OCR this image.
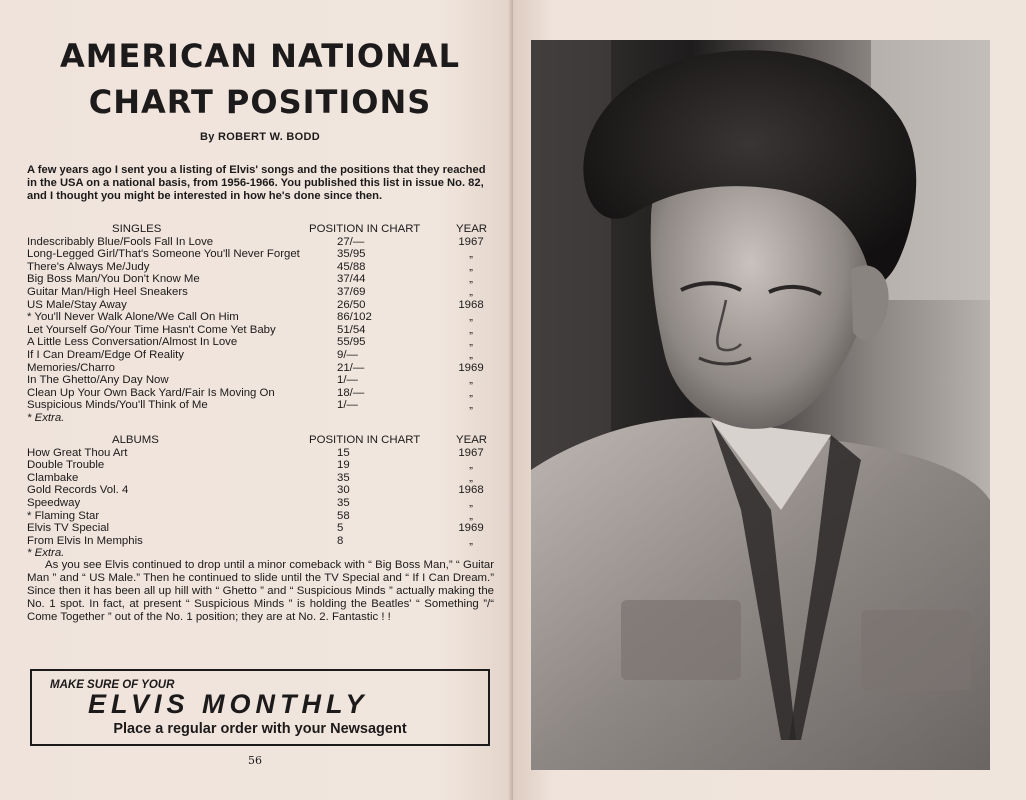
AMERICAN NATIONAL
CHART POSITIONS
By ROBERT W. BODD

A few years ago I sent you a listing of Elvis' songs and the positions that they reached in the USA on a national basis, from 1956-1966. You published this list in issue No. 82, and I thought you might be interested in how he's done since then.

SINGLES	POSITION IN CHART	YEAR
Indescribably Blue/Fools Fall In Love	27/—	1967
Long-Legged Girl/That's Someone You'll Never Forget	35/95	„
There's Always Me/Judy	45/88	„
Big Boss Man/You Don't Know Me	37/44	„
Guitar Man/High Heel Sneakers	37/69	„
US Male/Stay Away	26/50	1968
* You'll Never Walk Alone/We Call On Him	86/102	„
Let Yourself Go/Your Time Hasn't Come Yet Baby	51/54	„
A Little Less Conversation/Almost In Love	55/95	„
If I Can Dream/Edge Of Reality	9/—	„
Memories/Charro	21/—	1969
In The Ghetto/Any Day Now	1/—	„
Clean Up Your Own Back Yard/Fair Is Moving On	18/—	„
Suspicious Minds/You'll Think of Me	1/—	„
* Extra.
ALBUMS	POSITION IN CHART	YEAR
How Great Thou Art	15	1967
Double Trouble	19	„
Clambake	35	„
Gold Records Vol. 4	30	1968
Speedway	35	„
* Flaming Star	58	„
Elvis TV Special	5	1969
From Elvis In Memphis	8	„
* Extra.

As you see Elvis continued to drop until a minor comeback with “ Big Boss Man,” “ Guitar Man ” and “ US Male.” Then he continued to slide until the TV Special and “ If I Can Dream.” Since then it has been all up hill with “ Ghetto ” and “ Suspicious Minds ” actually making the No. 1 spot. In fact, at present “ Suspicious Minds ” is holding the Beatles' “ Something ”/“ Come Together ” out of the No. 1 position; they are at No. 2. Fantastic ! !

MAKE SURE OF YOUR
ELVIS MONTHLY
Place a regular order with your Newsagent
56
